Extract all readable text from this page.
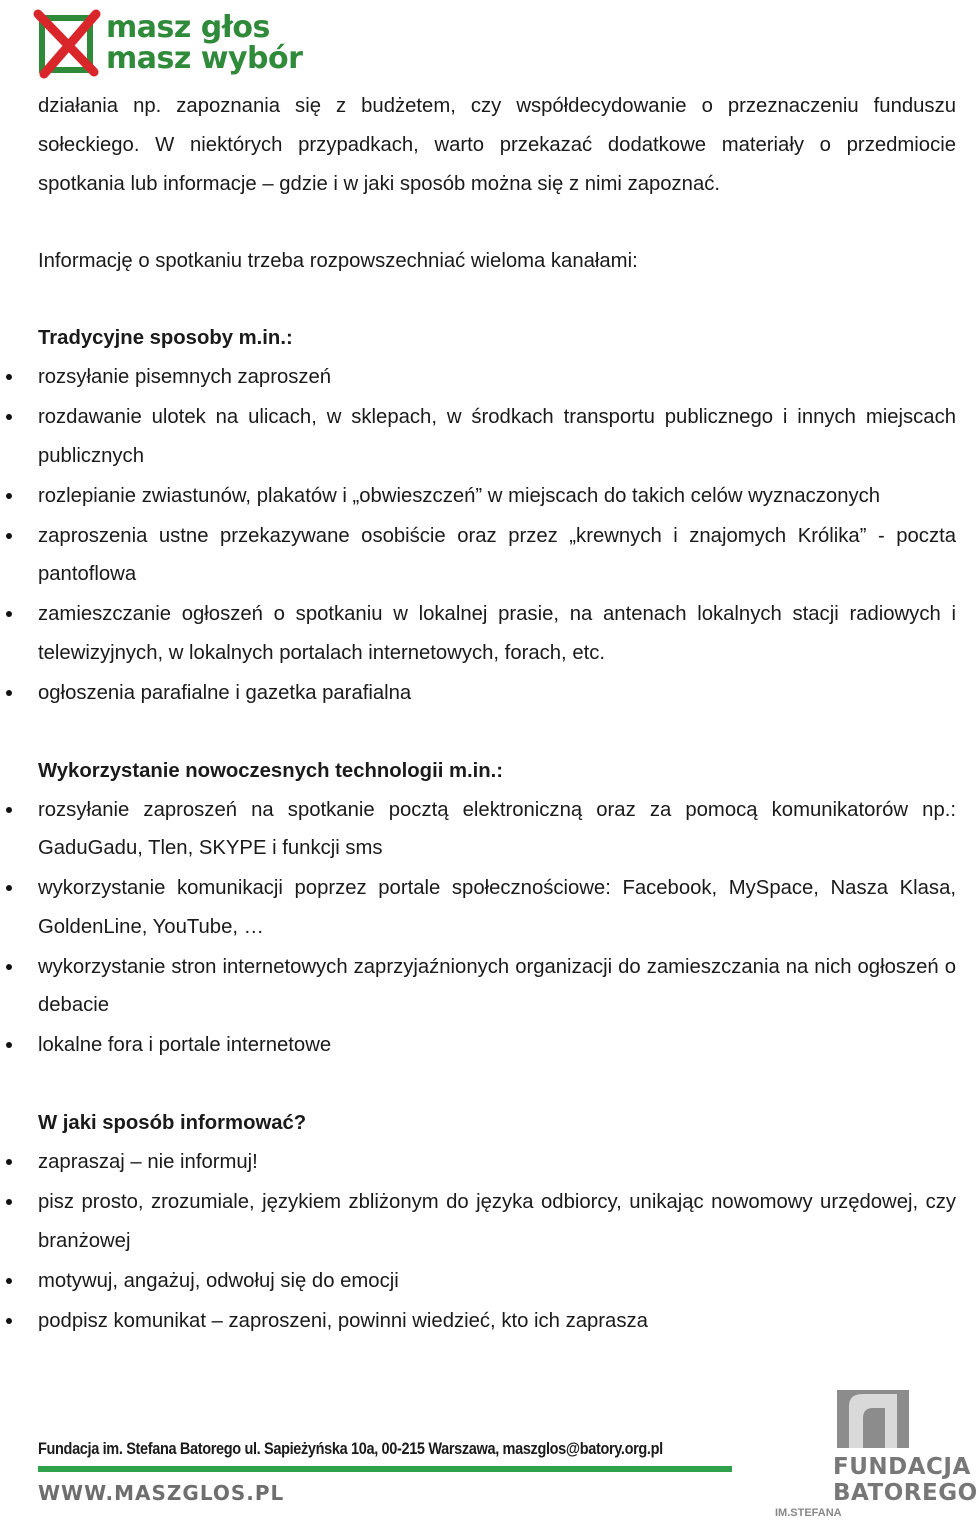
masz głos
masz wybór

działania np. zapoznania się z budżetem, czy współdecydowanie o przeznaczeniu funduszu sołeckiego. W niektórych przypadkach, warto przekazać dodatkowe materiały o przedmiocie spotkania lub informacje – gdzie i w jaki sposób można się z nimi zapoznać.

Informację o spotkaniu trzeba rozpowszechniać wieloma kanałami:

Tradycyjne sposoby m.in.:

rozsyłanie pisemnych zaproszeń
rozdawanie ulotek na ulicach, w sklepach, w środkach transportu publicznego i innych miejscach publicznych
rozlepianie zwiastunów, plakatów i „obwieszczeń” w miejscach do takich celów wyznaczonych
zaproszenia ustne przekazywane osobiście oraz przez „krewnych i znajomych Królika” - poczta pantoflowa
zamieszczanie ogłoszeń o spotkaniu w lokalnej prasie, na antenach lokalnych stacji radiowych i telewizyjnych, w lokalnych portalach internetowych, forach, etc.
ogłoszenia parafialne i gazetka parafialna

Wykorzystanie nowoczesnych technologii m.in.:

rozsyłanie zaproszeń na spotkanie pocztą elektroniczną oraz za pomocą komunikatorów np.: GaduGadu, Tlen, SKYPE i funkcji sms
wykorzystanie komunikacji poprzez portale społecznościowe: Facebook, MySpace, Nasza Klasa, GoldenLine, YouTube, …
wykorzystanie stron internetowych zaprzyjaźnionych organizacji do zamieszczania na nich ogłoszeń o debacie
lokalne fora i portale internetowe

W jaki sposób informować?

zapraszaj – nie informuj!
pisz prosto, zrozumiale, językiem zbliżonym do języka odbiorcy, unikając nowomowy urzędowej, czy branżowej
motywuj, angażuj, odwołuj się do emocji
podpisz komunikat – zaproszeni, powinni wiedzieć, kto ich zaprasza
Fundacja im. Stefana Batorego ul. Sapieżyńska 10a, 00-215 Warszawa, maszglos@batory.org.pl
WWW.MASZGLOS.PL
FUNDACJA
BATOREGO
IM.STEFANA
